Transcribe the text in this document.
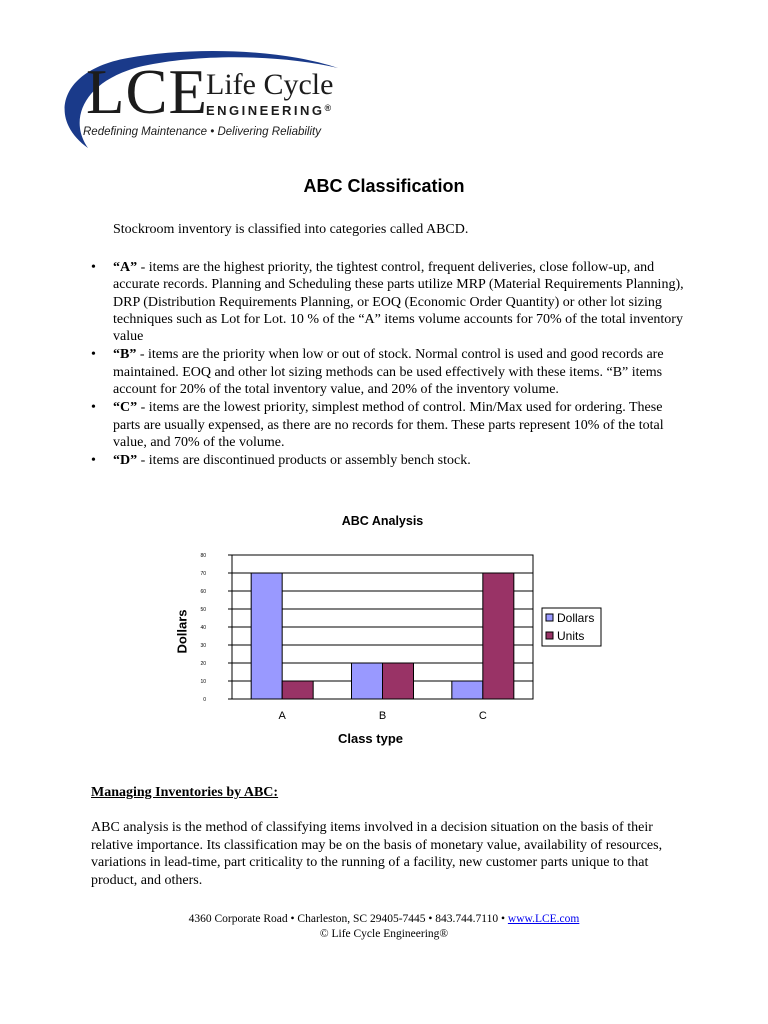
LCE
Life Cycle
ENGINEERING®
Redefining Maintenance • Delivering Reliability
ABC Classification
Stockroom inventory is classified into categories called ABCD.
• “A” - items are the highest priority, the tightest control, frequent deliveries, close follow-up, and accurate records. Planning and Scheduling these parts utilize MRP (Material Requirements Planning), DRP (Distribution Requirements Planning, or EOQ (Economic Order Quantity) or other lot sizing techniques such as Lot for Lot. 10 % of the “A” items volume accounts for 70% of the total inventory value
• “B” - items are the priority when low or out of stock. Normal control is used and good records are maintained. EOQ and other lot sizing methods can be used effectively with these items. “B” items account for 20% of the total inventory value, and 20% of the inventory volume.
• “C” - items are the lowest priority, simplest method of control. Min/Max used for ordering. These parts are usually expensed, as there are no records for them. These parts represent 10% of the total value, and 70% of the volume.
• “D” - items are discontinued products or assembly bench stock.
ABC Analysis
Dollars
0
10
20
30
40
50
60
70
80
A	B	C
Dollars
Units
Class type
Managing Inventories by ABC:

ABC analysis is the method of classifying items involved in a decision situation on the basis of their relative importance. Its classification may be on the basis of monetary value, availability of resources, variations in lead-time, part criticality to the running of a facility, new customer parts unique to that product, and others.

4360 Corporate Road • Charleston, SC 29405-7445 • 843.744.7110 • www.LCE.com
© Life Cycle Engineering®
